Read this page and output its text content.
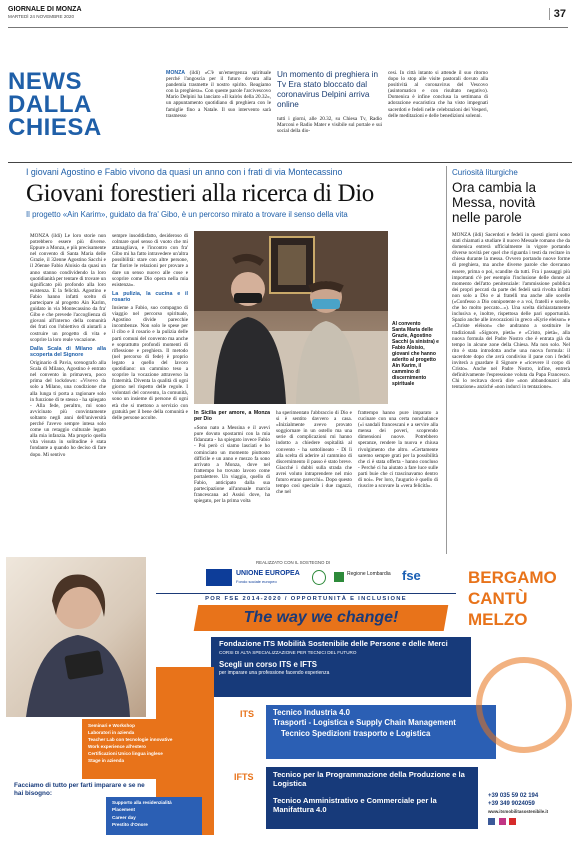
GIORNALE DI MONZA
MARTEDÌ 24 NOVEMBRE 2020	37
NEWS
DALLA
CHIESA
MONZA (ildi) «C'è un'emergenza spirituale perché l'angoscia per il futuro dovuta alla pandemia trasmette il nostro spirito. Reagiamo con la preghiera». Con queste parole l'arcivescovo Mario Delpini ha lanciato «Il kairòs della 20.32», un appuntamento quotidiano di preghiera con le famiglie fino a Natale. Il suo intervento sarà trasmesso
Un momento di preghiera in Tv Era stato bloccato dal coronavirus Delpini arriva online
tutti i giorni, alle 20.32, su Chiesa Tv, Radio Marconi e Radio Mater e visibile sul portale e sui social della dio-
cesi. In città intanto si attende il suo ritorno dopo lo stop alle visite pastorali dovuto alla positività al coronavirus del Vescovo (asintomatico e con risultato negativo). Domenica è infine conclusa la settimana di adorazione eucaristica che ha visto impegnati sacerdoti e fedeli nelle celebrazioni dei Vesperi, delle meditazioni e delle benedizioni solenni.
I giovani Agostino e Fabio vivono da quasi un anno con i frati di via Montecassino
Giovani forestieri alla ricerca di Dio
Il progetto «Ain Karim», guidato da fra' Gibo, è un percorso mirato a trovare il senso della vita
MONZA (ildi) Le loro storie non potrebbero essere più diverse. Eppure a Monza, e più precisamente nel convento di Santa Maria delle Grazie, il 32enne Agostino Sacchi e il 26enne Fabio Aloisio da quasi un anno stanno condividendo la loro quotidianità per tentare di trovare un significato più profondo alla loro esistenza. E la felicità. Agostino e Fabio hanno infatti scelto di partecipare al progetto Ain Karim, guidato in via Montecassino da fra' Gibo e che prevede l'accoglienza di giovani all'interno della comunità dei frati con l'obiettivo di aiutarli a costruire un progetto di vita e scoprire la loro reale vocazione.
Dalla Scala di Milano alla scoperta del Signore
Originario di Pavia, scenografo alla Scala di Milano, Agostino è entrato nel convento in primavera, poco prima del lockdown: «Vivevo da solo a Milano, una condizione che alla lunga ti porta a ragionare solo in funzione di te stesso - ha spiegato - Alla fede, peraltro, mi sono avvicinato più convintamente soltanto negli anni dell'università perché l'avevo sempre intesa solo come un retaggio culturale legato alla mia infanzia. Ma proprio quella vita vissuta in solitudine è stata fondante a quando ho deciso di fare dopo. Mi sentivo
sempre insoddisfatto, desideroso di colmare quel senso di vuoto che mi attanagliava, e l'incontro con fra' Gibo mi ha fatto intravedere un'altra possibilità: stare con altre persone, far fiorire le relazioni per provare a dare un senso nuovo alle cose e scoprire come Dio opera nella mia esistenza».
La pulizia, la cucina e il rosario
Insieme a Fabio, suo compagno di viaggio nel percorso spirituale, Agostino divide parecchie incombenze. Non solo le spese per il cibo e il rosario e la pulizia delle parti comuni del convento ma anche e soprattutto profondi momenti di riflessione e preghiera. Il metodo (nel percorso di fede) è proprio legato a quello del lavoro quotidiano: un cammino teso a scoprire la vocazione attraverso la fraternità. Diventa la qualità di ogni giorno nel rispetto delle regole. I volontari del convento, la comunità, sono un insieme di persone di ogni età che si mettono a servizio con gratuità per il bene della comunità e delle persone accolte.
Al convento
Santa Maria delle Grazie, Agostino Sacchi (a sinistra) e Fabio Aloisio, giovani che hanno aderito al progetto Ain Karim, il cammino di discernimento spirituale
In Sicilia per amore, a Monza per Dio
«Sono nato a Messina e il avevi pure dovuto spostarmi con la mia fidanzata - ha spiegato invece Fabio - Poi però ci siamo lasciati e ho cominciato un momento piuttosto difficile e un anno e mezzo fa sono arrivato a Monza, dove nel frattempo ho trovato lavoro come portalettere. Un viaggio, quello di Fabio, anticipato dalla sua partecipazione all'annuale marcia francescana ad Assisi dove, ha spiegato, per la prima volta
ha sperimentato l'abbraccio di Dio e si è sentito davvero a casa. «Inizialmente avevo provato soggiornare in un ostello ma una serie di complicazioni mi hanno indotto a chiedere ospitalità al convento - ha sottolineato - Di lì alla scelta di aderire al cammino di discernimento il passo è stato breve. Giacché i dubbi sulla strada che avrei voluto intraprendere nel mio futuro erano parecchi». Dopo questo tempo così speciale i due ragazzi, che nel
frattempo hanno pure imparato a cucinare con una certa nonchalance («i sandali francescani e a servire alla mensa dei poveri, scoprendo dimensioni nuove. Potrebbero speranze, rendere la nuova e chiusa rivolgimento che altro. «Certamente saremo sempre grati per la possibilità che ci è stata offerta - hanno concluso - Perché ci ha aiutato a fare luce sulle parti buie che ci trascinavamo dentro di noi». Per loro, l'augurio è quello di riuscire a scovare la «vera felicità».
Curiosità liturgiche
Ora cambia la Messa, novità nelle parole
MONZA (ildi) Sacerdoti e fedeli in questi giorni sono stati chiamati a studiare il nuovo Messale romano che da domenica entrerà ufficialmente in vigore portando diverse novità per quel che riguarda i testi da recitare in chiesa durante la messa. Ovvero portando nuove forme di preghiera, ma anche diverse parole che dovranno essere, prima o poi, scandite da tutti. Fra i passaggi più importanti c'è per esempio l'inclusione delle donne al momento dell'atto penitenziale: l'ammissione pubblica dei propri peccati da parte dei fedeli sarà rivolta infatti non solo a Dio e ai fratelli ma anche alle sorelle («Confesso a Dio onnipotente e a voi, fratelli e sorelle, che ho molto peccato...»). Una scelta dichiaratamente inclusiva e, inoltre, rispettosa delle pari opportunità. Spazio anche alle invocazioni in greco «Kyrie eleison» e «Christe eléison» che andranno a sostituire le tradizionali «Signore, pietà» e «Cristo, pietà», alla nuova formula del Padre Nostro che è entrata già da tempo in alcune zone della Chiesa. Ma non solo. Nel rito è stata introdotta anche una nuova formula: il sacerdote dopo che avrà condiviso il pane con i fedeli inviterà a guardare il Signore e «ricevere il corpo di Cristo». Anche nel Padre Nostro, infine, entrerà definitivamente l'espressione voluta da Papa Francesco. Chi lo recitava dovrà dire «non abbandonarci alla tentazione» anziché «non indurci in tentazione».
REALIZZATO CON IL SOSTEGNO DI
UNIONE EUROPEA
Fondo sociale europeo
Regione Lombardia fse
POR FSE 2014-2020 / OPPORTUNITÀ E INCLUSIONE
The way we change!
BERGAMO
CANTÙ
MELZO
Fondazione ITS Mobilità Sostenibile delle Persone e delle Merci
CORSI DI ALTA SPECIALIZZAZIONE PER TECNICI DEL FUTURO
Scegli un corso ITS e IFTS
per imparare una professione facendo esperienza
Seminari e Workshop
Laboratori in azienda
Teacher Lab con tecnologie innovative
Work experience all'estero
Certificazioni Unico lingua inglese
Stage in azienda
Facciamo di tutto per farti imparare e se ne hai bisogno:
Supporto alla residenzialità
Placement
Career day
Prestito d'Onore
ITS Tecnico Industria 4.0
Trasporti - Logistica e Supply Chain Management
Tecnico Spedizioni trasporto e Logistica
IFTS	Tecnico per la Programmazione della Produzione e la Logistica
Tecnico Amministrativo e Commerciale per la Manifattura 4.0
+39 035 59 02 194
+39 349 9024059
www.itsmobilitasostenibile.it
